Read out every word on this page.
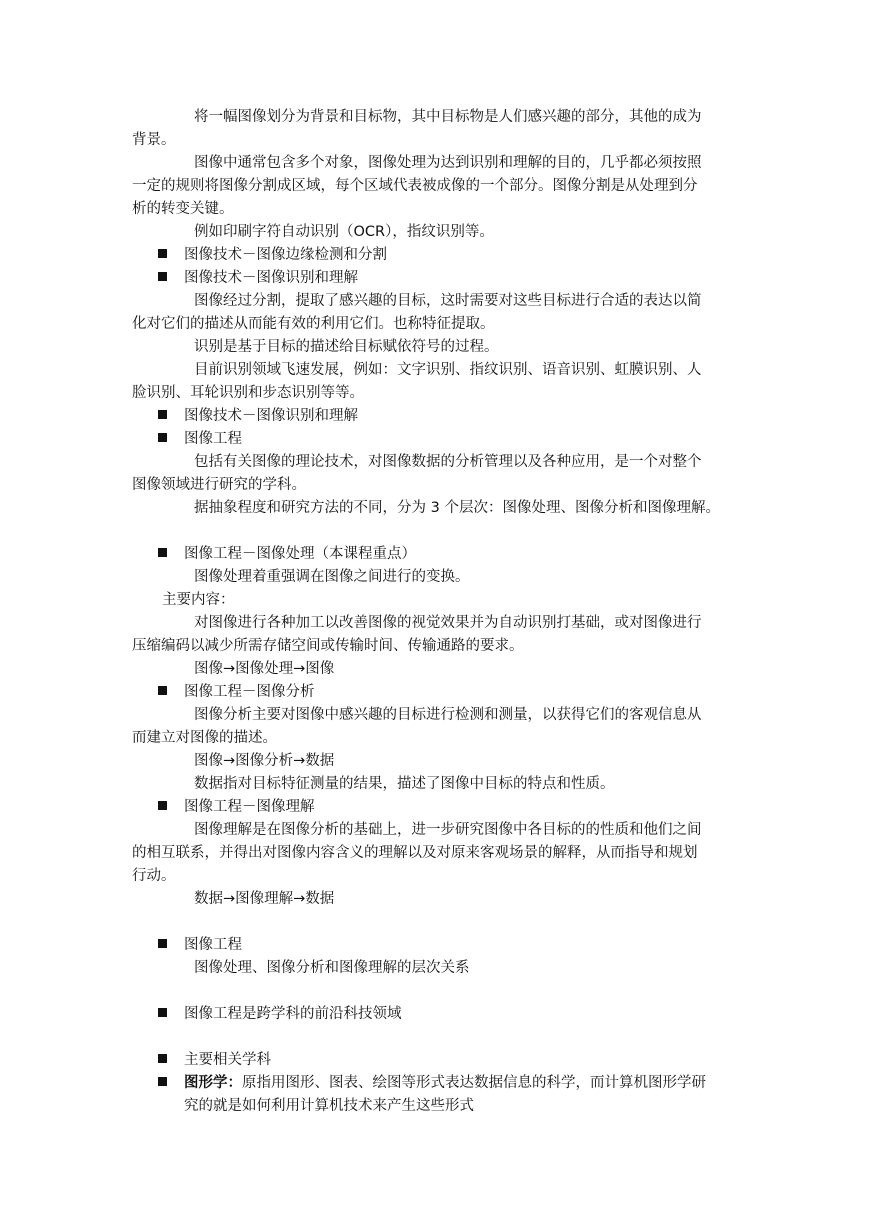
将一幅图像划分为背景和目标物，其中目标物是人们感兴趣的部分，其他的成为
背景。
图像中通常包含多个对象，图像处理为达到识别和理解的目的，几乎都必须按照
一定的规则将图像分割成区域，每个区域代表被成像的一个部分。图像分割是从处理到分
析的转变关键。
例如印刷字符自动识别（OCR），指纹识别等。
图像技术－图像边缘检测和分割
图像技术－图像识别和理解
图像经过分割，提取了感兴趣的目标，这时需要对这些目标进行合适的表达以简
化对它们的描述从而能有效的利用它们。也称特征提取。
识别是基于目标的描述给目标赋依符号的过程。
目前识别领域飞速发展，例如：文字识别、指纹识别、语音识别、虹膜识别、人
脸识别、耳轮识别和步态识别等等。
图像技术－图像识别和理解
图像工程
包括有关图像的理论技术，对图像数据的分析管理以及各种应用，是一个对整个
图像领域进行研究的学科。
据抽象程度和研究方法的不同，分为 3 个层次：图像处理、图像分析和图像理解。
图像工程－图像处理（本课程重点）
图像处理着重强调在图像之间进行的变换。
主要内容：
对图像进行各种加工以改善图像的视觉效果并为自动识别打基础，或对图像进行
压缩编码以减少所需存储空间或传输时间、传输通路的要求。
图像→图像处理→图像
图像工程－图像分析
图像分析主要对图像中感兴趣的目标进行检测和测量，以获得它们的客观信息从
而建立对图像的描述。
图像→图像分析→数据
数据指对目标特征测量的结果，描述了图像中目标的特点和性质。
图像工程－图像理解
图像理解是在图像分析的基础上，进一步研究图像中各目标的的性质和他们之间
的相互联系，并得出对图像内容含义的理解以及对原来客观场景的解释，从而指导和规划
行动。
数据→图像理解→数据
图像工程
图像处理、图像分析和图像理解的层次关系
图像工程是跨学科的前沿科技领域
主要相关学科
图形学：原指用图形、图表、绘图等形式表达数据信息的科学，而计算机图形学研
究的就是如何利用计算机技术来产生这些形式
